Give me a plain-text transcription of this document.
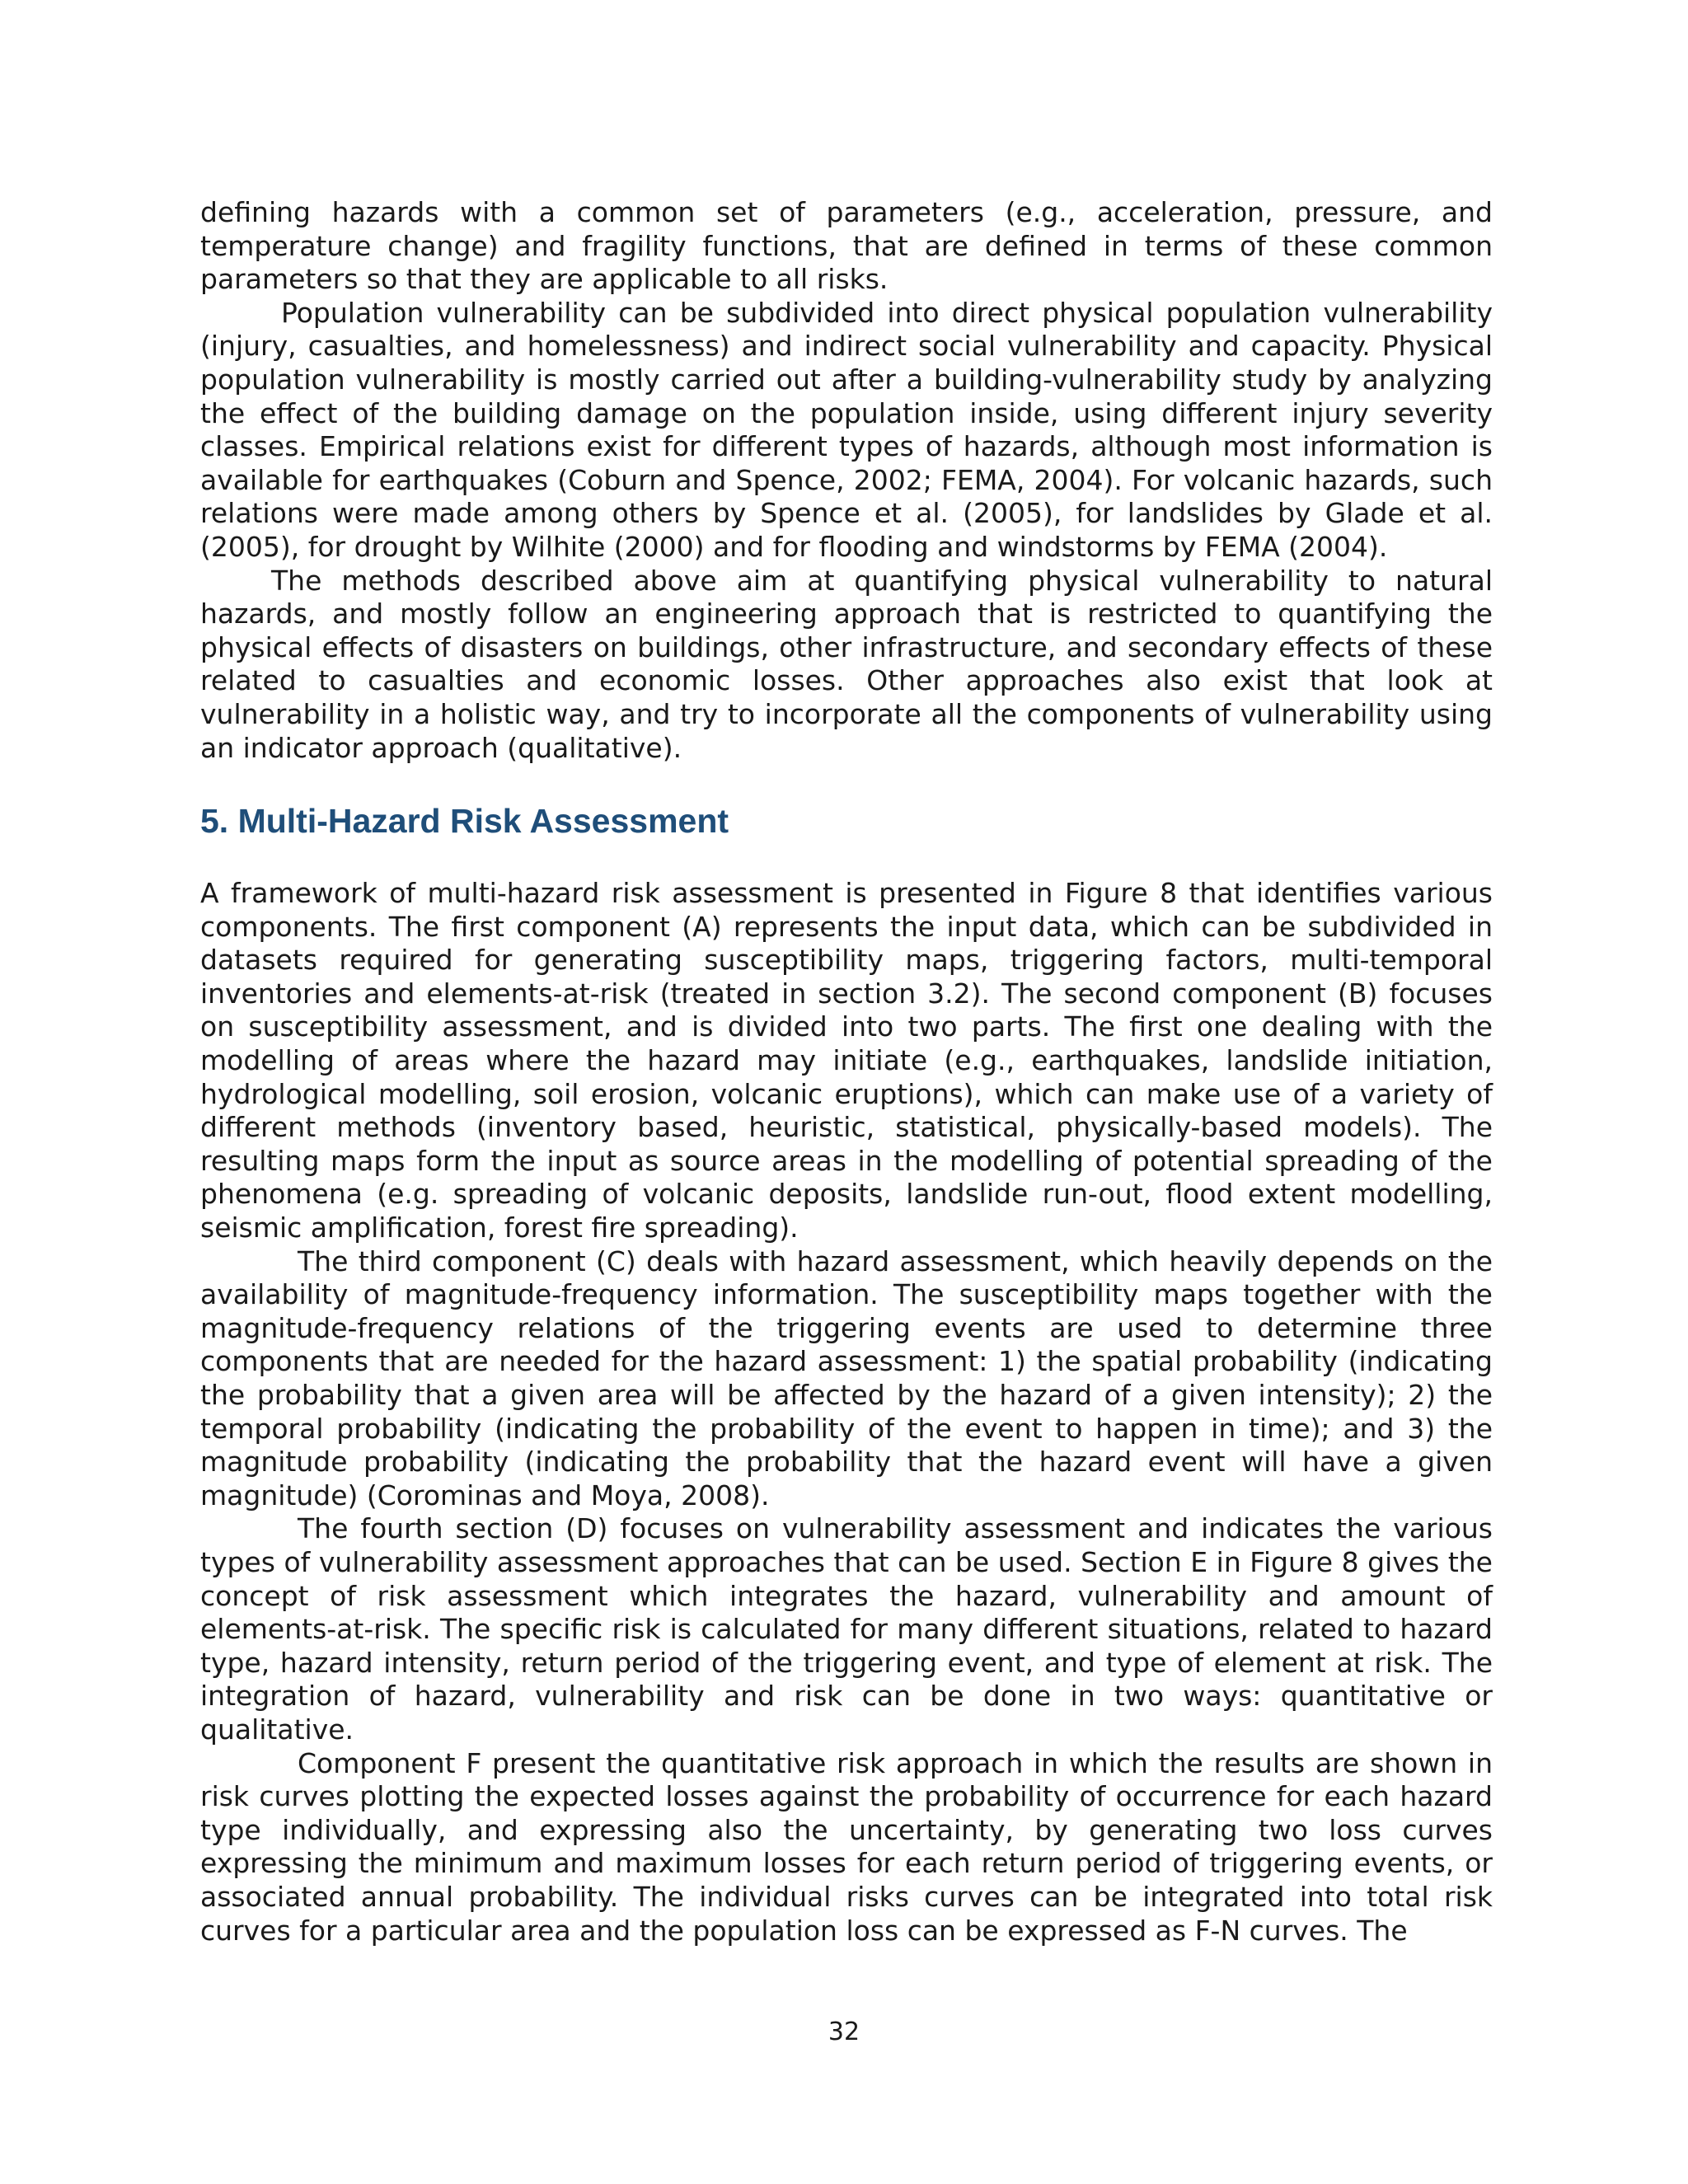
defining hazards with a common set of parameters (e.g., acceleration, pressure, and temperature change) and fragility functions, that are defined in terms of these common parameters so that they are applicable to all risks.

Population vulnerability can be subdivided into direct physical population vulnerability (injury, casualties, and homelessness) and indirect social vulnerability and capacity. Physical population vulnerability is mostly carried out after a building-vulnerability study by analyzing the effect of the building damage on the population inside, using different injury severity classes. Empirical relations exist for different types of hazards, although most information is available for earthquakes (Coburn and Spence, 2002; FEMA, 2004). For volcanic hazards, such relations were made among others by Spence et al. (2005), for landslides by Glade et al. (2005), for drought by Wilhite (2000) and for flooding and windstorms by FEMA (2004).

The methods described above aim at quantifying physical vulnerability to natural hazards, and mostly follow an engineering approach that is restricted to quantifying the physical effects of disasters on buildings, other infrastructure, and secondary effects of these related to casualties and economic losses. Other approaches also exist that look at vulnerability in a holistic way, and try to incorporate all the components of vulnerability using an indicator approach (qualitative).

5. Multi-Hazard Risk Assessment

A framework of multi-hazard risk assessment is presented in Figure 8 that identifies various components. The first component (A) represents the input data, which can be subdivided in datasets required for generating susceptibility maps, triggering factors, multi-temporal inventories and elements-at-risk (treated in section 3.2). The second component (B) focuses on susceptibility assessment, and is divided into two parts. The first one dealing with the modelling of areas where the hazard may initiate (e.g., earthquakes, landslide initiation, hydrological modelling, soil erosion, volcanic eruptions), which can make use of a variety of different methods (inventory based, heuristic, statistical, physically-based models). The resulting maps form the input as source areas in the modelling of potential spreading of the phenomena (e.g. spreading of volcanic deposits, landslide run-out, flood extent modelling, seismic amplification, forest fire spreading).

The third component (C) deals with hazard assessment, which heavily depends on the availability of magnitude-frequency information. The susceptibility maps together with the magnitude-frequency relations of the triggering events are used to determine three components that are needed for the hazard assessment: 1) the spatial probability (indicating the probability that a given area will be affected by the hazard of a given intensity); 2) the temporal probability (indicating the probability of the event to happen in time); and 3) the magnitude probability (indicating the probability that the hazard event will have a given magnitude) (Corominas and Moya, 2008).

The fourth section (D) focuses on vulnerability assessment and indicates the various types of vulnerability assessment approaches that can be used. Section E in Figure 8 gives the concept of risk assessment which integrates the hazard, vulnerability and amount of elements-at-risk. The specific risk is calculated for many different situations, related to hazard type, hazard intensity, return period of the triggering event, and type of element at risk. The integration of hazard, vulnerability and risk can be done in two ways: quantitative or qualitative.

Component F present the quantitative risk approach in which the results are shown in risk curves plotting the expected losses against the probability of occurrence for each hazard type individually, and expressing also the uncertainty, by generating two loss curves expressing the minimum and maximum losses for each return period of triggering events, or associated annual probability. The individual risks curves can be integrated into total risk curves for a particular area and the population loss can be expressed as F-N curves. The

32
